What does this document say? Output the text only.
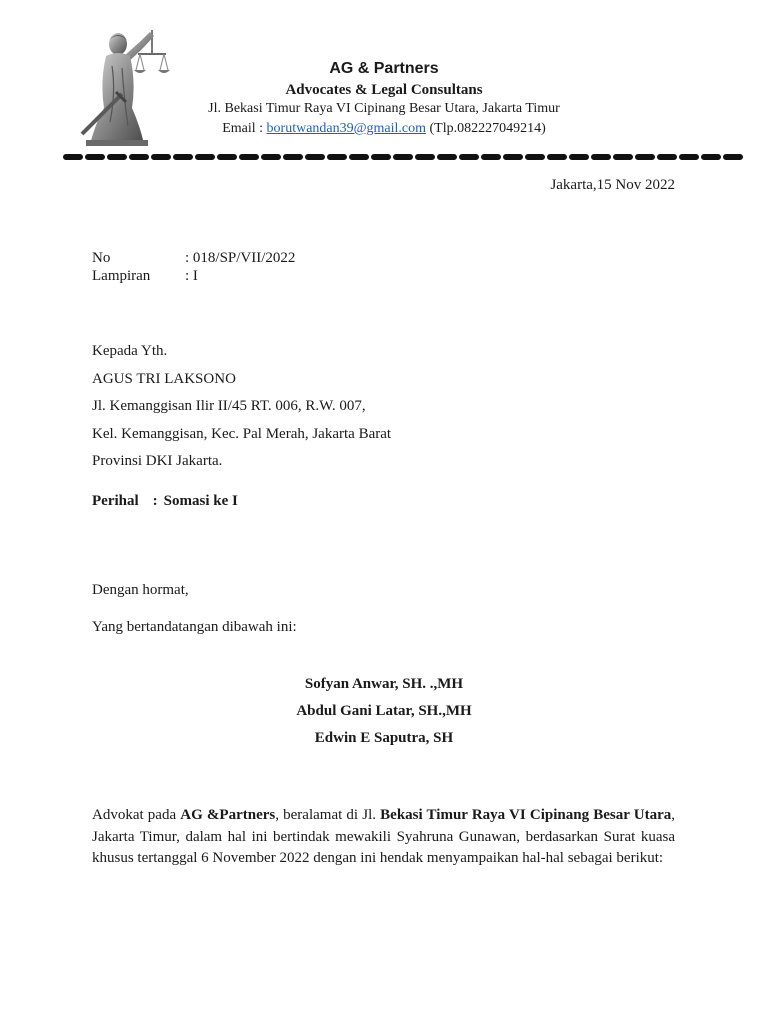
AG & Partners
Advocates & Legal Consultans
Jl. Bekasi Timur Raya VI Cipinang Besar Utara, Jakarta Timur
Email : borutwandan39@gmail.com (Tlp.082227049214)
Jakarta,15 Nov 2022
No	: 018/SP/VII/2022
Lampiran	: I
Kepada Yth.
AGUS TRI LAKSONO
Jl. Kemanggisan Ilir II/45 RT. 006, R.W. 007,
Kel. Kemanggisan, Kec. Pal Merah, Jakarta Barat
Provinsi DKI Jakarta.
Perihal : Somasi ke I
Dengan hormat,
Yang bertandatangan dibawah ini:
Sofyan Anwar, SH. .,MH
Abdul Gani Latar, SH.,MH
Edwin E Saputra, SH
Advokat pada AG &Partners, beralamat di Jl. Bekasi Timur Raya VI Cipinang Besar Utara, Jakarta Timur, dalam hal ini bertindak mewakili Syahruna Gunawan, berdasarkan Surat kuasa khusus tertanggal 6 November 2022 dengan ini hendak menyampaikan hal-hal sebagai berikut:
